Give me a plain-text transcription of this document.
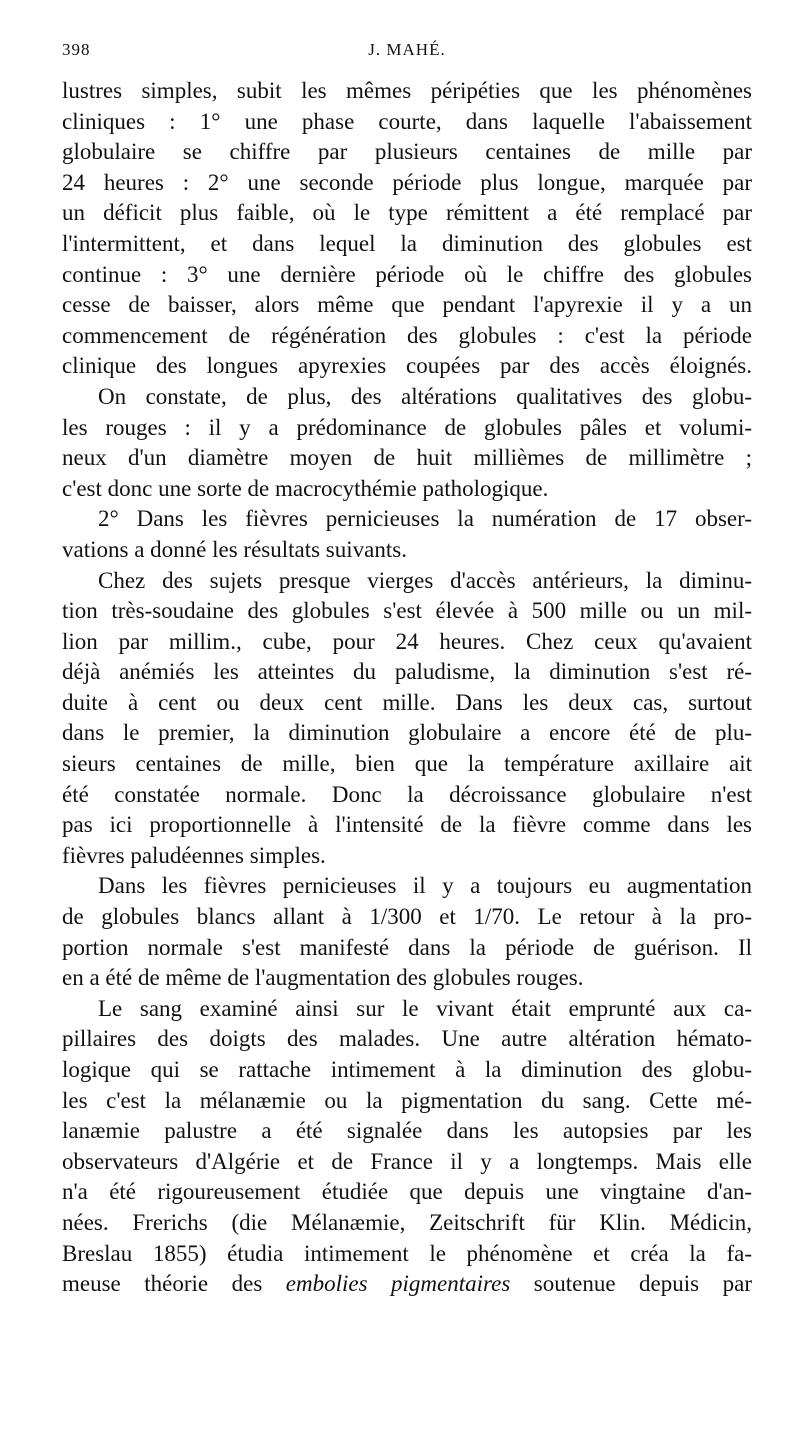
398	J. MAHÉ.
lustres simples, subit les mêmes péripéties que les phénomènes
cliniques : 1° une phase courte, dans laquelle l'abaissement
globulaire se chiffre par plusieurs centaines de mille par
24 heures : 2° une seconde période plus longue, marquée par
un déficit plus faible, où le type rémittent a été remplacé par
l'intermittent, et dans lequel la diminution des globules est
continue : 3° une dernière période où le chiffre des globules
cesse de baisser, alors même que pendant l'apyrexie il y a un
commencement de régénération des globules : c'est la période
clinique des longues apyrexies coupées par des accès éloignés.
On constate, de plus, des altérations qualitatives des globu-
les rouges : il y a prédominance de globules pâles et volumi-
neux d'un diamètre moyen de huit millièmes de millimètre ;
c'est donc une sorte de macrocythémie pathologique.
2° Dans les fièvres pernicieuses la numération de 17 obser-
vations a donné les résultats suivants.
Chez des sujets presque vierges d'accès antérieurs, la diminu-
tion très-soudaine des globules s'est élevée à 500 mille ou un mil-
lion par millim., cube, pour 24 heures. Chez ceux qu'avaient
déjà anémiés les atteintes du paludisme, la diminution s'est ré-
duite à cent ou deux cent mille. Dans les deux cas, surtout
dans le premier, la diminution globulaire a encore été de plu-
sieurs centaines de mille, bien que la température axillaire ait
été constatée normale. Donc la décroissance globulaire n'est
pas ici proportionnelle à l'intensité de la fièvre comme dans les
fièvres paludéennes simples.
Dans les fièvres pernicieuses il y a toujours eu augmentation
de globules blancs allant à 1/300 et 1/70. Le retour à la pro-
portion normale s'est manifesté dans la période de guérison. Il
en a été de même de l'augmentation des globules rouges.
Le sang examiné ainsi sur le vivant était emprunté aux ca-
pillaires des doigts des malades. Une autre altération hémato-
logique qui se rattache intimement à la diminution des globu-
les c'est la mélanæmie ou la pigmentation du sang. Cette mé-
lanæmie palustre a été signalée dans les autopsies par les
observateurs d'Algérie et de France il y a longtemps. Mais elle
n'a été rigoureusement étudiée que depuis une vingtaine d'an-
nées. Frerichs (die Mélanæmie, Zeitschrift für Klin. Médicin,
Breslau 1855) étudia intimement le phénomène et créa la fa-
meuse théorie des embolies pigmentaires soutenue depuis par
